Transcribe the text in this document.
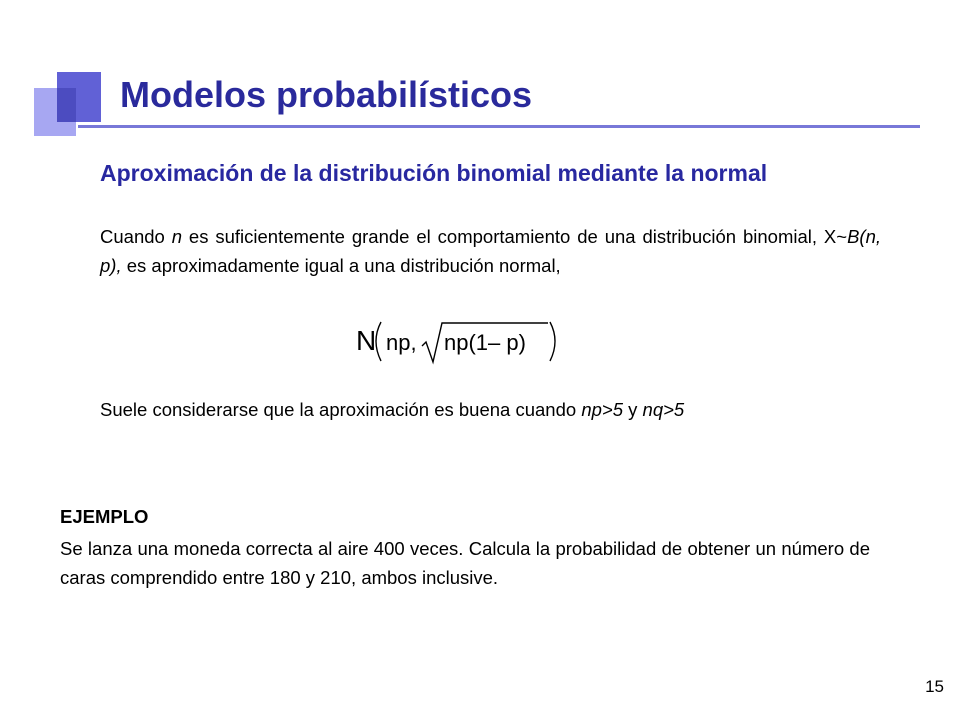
Modelos probabilísticos
Aproximación de la distribución binomial mediante la normal

Cuando n es suficientemente grande el comportamiento de una distribución binomial, X~B(n, p), es aproximadamente igual a una distribución normal,

N np, np(1– p)

Suele considerarse que la aproximación es buena cuando np>5 y nq>5

EJEMPLO

Se lanza una moneda correcta al aire 400 veces. Calcula la probabilidad de obtener un número de caras comprendido entre 180 y 210, ambos inclusive.

15
